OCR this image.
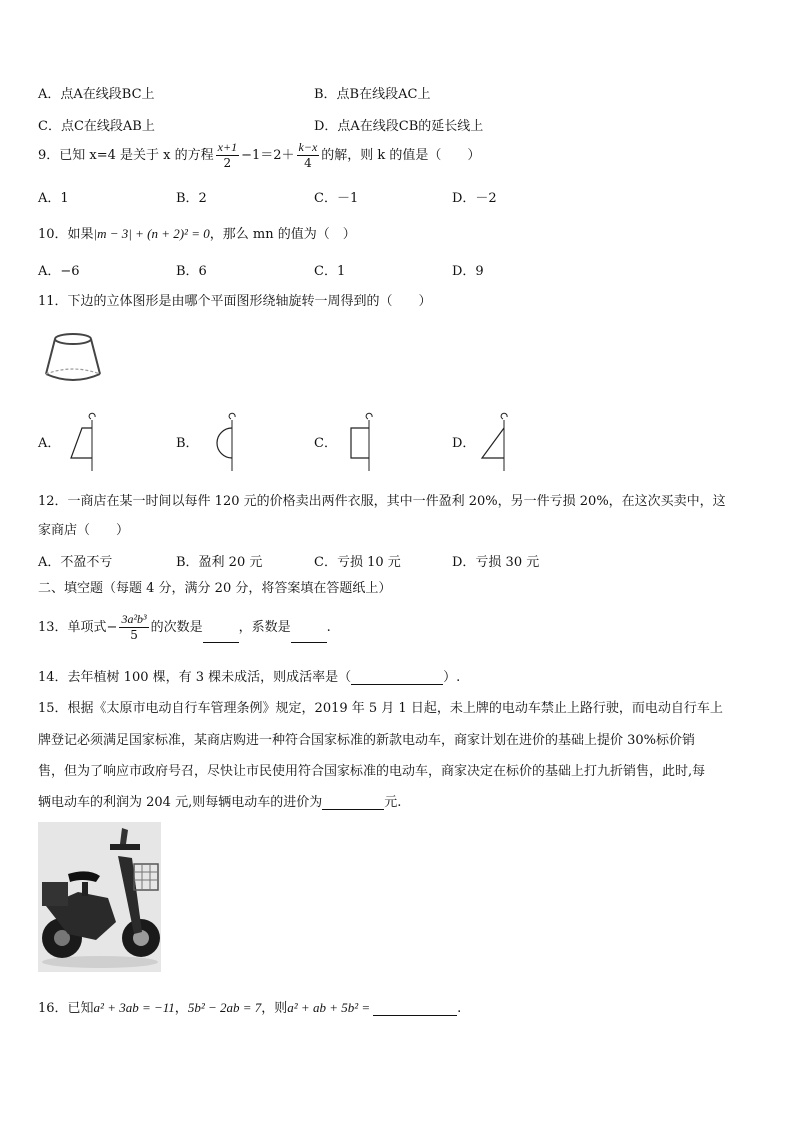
A．点A在线段BC上	B．点B在线段AC上
C．点C在线段AB上	D．点A在线段CB的延长线上
9．已知 x=4 是关于 x 的方程 $\frac{x+1}{2} -1=2+ \frac{k-x}{4}$ 的解，则 k 的值是（　　）
A．1	B．2	C．－1	D．－2
10．如果|m − 3| + (n + 2)² = 0，那么 mn 的值为（　）
A．−6	B．6	C．1	D．9
11．下边的立体图形是由哪个平面图形绕轴旋转一周得到的（　　）
A．	B．	C．	D．
12．一商店在某一时间以每件 120 元的价格卖出两件衣服，其中一件盈利 20%，另一件亏损 20%，在这次买卖中，这
家商店（　　）
A．不盈不亏	B．盈利 20 元	C．亏损 10 元	D．亏损 30 元
二、填空题（每题 4 分，满分 20 分，将答案填在答题纸上）
13．单项式− $\frac{\text{3a²b³}}{5}$ 的次数是	，系数是	.
14．去年植树 100 棵，有 3 棵未成活，则成活率是（	）.
15．根据《太原市电动自行车管理条例》规定，2019 年 5 月 1 日起，未上牌的电动车禁止上路行驶，而电动自行车上
牌登记必须满足国家标准，某商店购进一种符合国家标准的新款电动车，商家计划在进价的基础上提价 30%标价销
售，但为了响应市政府号召，尽快让市民使用符合国家标准的电动车，商家决定在标价的基础上打九折销售，此时,每
辆电动车的利润为 204 元,则每辆电动车的进价为	元.
16．已知a² + 3ab = −11，5b² − 2ab = 7，则a² + ab + 5b² =	.
